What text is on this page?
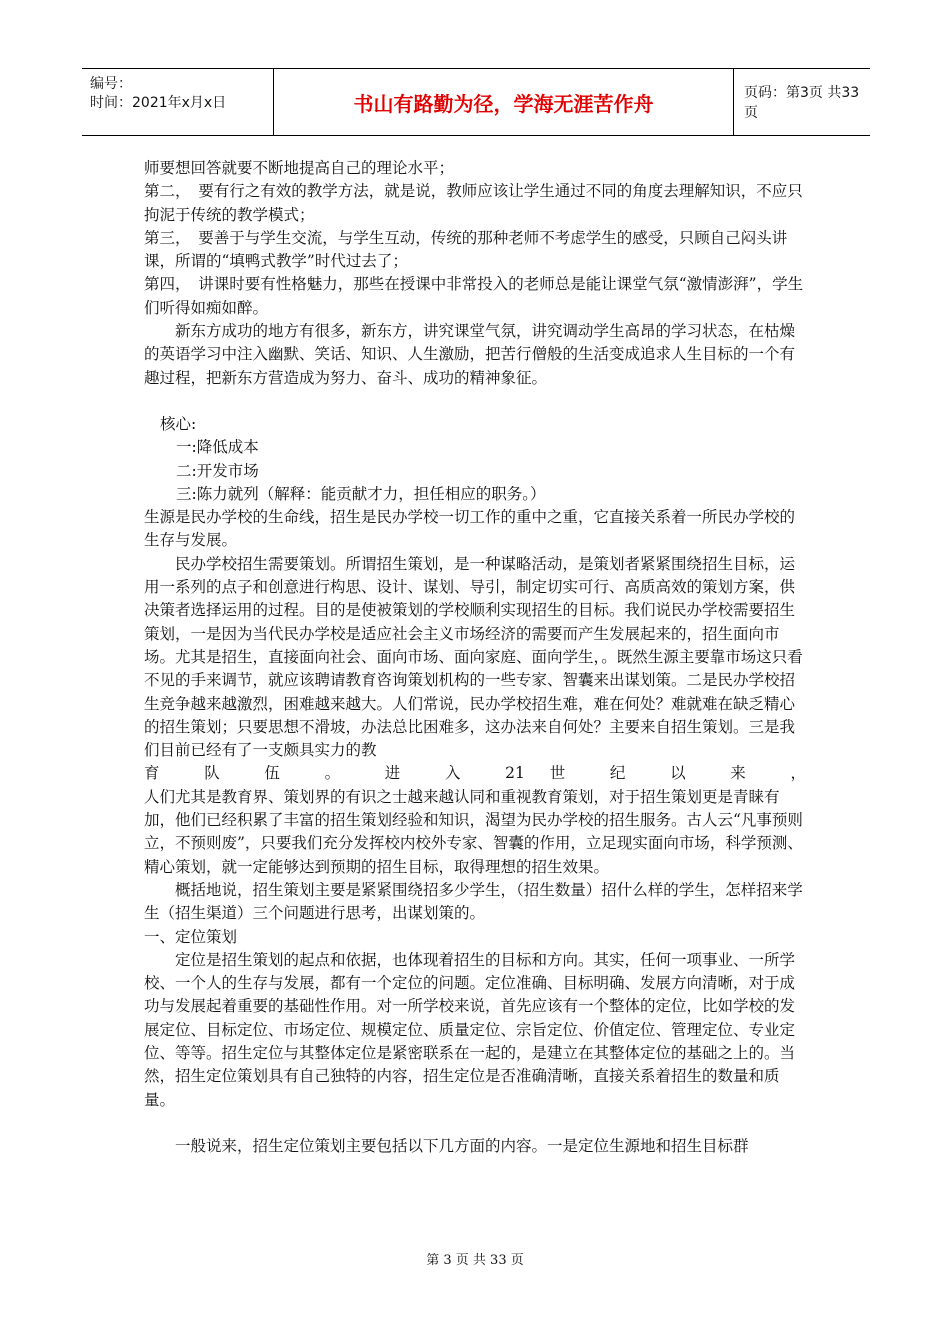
编号：
时间：2021年x月x日	书山有路勤为径，学海无涯苦作舟	页码：第3页 共33页

师要想回答就要不断地提高自己的理论水平；

第二，　要有行之有效的教学方法，就是说，教师应该让学生通过不同的角度去理解知识，不应只拘泥于传统的教学模式；

第三，　要善于与学生交流，与学生互动，传统的那种老师不考虑学生的感受，只顾自己闷头讲课，所谓的“填鸭式教学”时代过去了；

第四，　讲课时要有性格魅力，那些在授课中非常投入的老师总是能让课堂气氛“激情澎湃”，学生们听得如痴如醉。

新东方成功的地方有很多，新东方，讲究课堂气氛，讲究调动学生高昂的学习状态，在枯燥的英语学习中注入幽默、笑话、知识、人生激励，把苦行僧般的生活变成追求人生目标的一个有趣过程，把新东方营造成为努力、奋斗、成功的精神象征。

核心:

一:降低成本

二:开发市场

三:陈力就列（解释：能贡献才力，担任相应的职务。）

生源是民办学校的生命线，招生是民办学校一切工作的重中之重，它直接关系着一所民办学校的生存与发展。

民办学校招生需要策划。所谓招生策划，是一种谋略活动，是策划者紧紧围绕招生目标，运用一系列的点子和创意进行构思、设计、谋划、导引，制定切实可行、高质高效的策划方案，供决策者选择运用的过程。目的是使被策划的学校顺利实现招生的目标。我们说民办学校需要招生策划，一是因为当代民办学校是适应社会主义市场经济的需要而产生发展起来的，招生面向市场。尤其是招生，直接面向社会、面向市场、面向家庭、面向学生，。既然生源主要靠市场这只看不见的手来调节，就应该聘请教育咨询策划机构的一些专家、智囊来出谋划策。二是民办学校招生竞争越来越激烈，困难越来越大。人们常说，民办学校招生难，难在何处？难就难在缺乏精心的招生策划；只要思想不滑坡，办法总比困难多，这办法来自何处？主要来自招生策划。三是我们目前已经有了一支颇具实力的教

育 队 伍 。 进 入 21 世 纪 以 来 ，

人们尤其是教育界、策划界的有识之士越来越认同和重视教育策划，对于招生策划更是青睐有加，他们已经积累了丰富的招生策划经验和知识，渴望为民办学校的招生服务。古人云“凡事预则立，不预则废”，只要我们充分发挥校内校外专家、智囊的作用，立足现实面向市场，科学预测、精心策划，就一定能够达到预期的招生目标，取得理想的招生效果。

概括地说，招生策划主要是紧紧围绕招多少学生，（招生数量）招什么样的学生，怎样招来学生（招生渠道）三个问题进行思考，出谋划策的。

一、定位策划

定位是招生策划的起点和依据，也体现着招生的目标和方向。其实，任何一项事业、一所学校、一个人的生存与发展，都有一个定位的问题。定位准确、目标明确、发展方向清晰，对于成功与发展起着重要的基础性作用。对一所学校来说，首先应该有一个整体的定位，比如学校的发展定位、目标定位、市场定位、规模定位、质量定位、宗旨定位、价值定位、管理定位、专业定位、等等。招生定位与其整体定位是紧密联系在一起的，是建立在其整体定位的基础之上的。当然，招生定位策划具有自己独特的内容，招生定位是否准确清晰，直接关系着招生的数量和质量。

一般说来，招生定位策划主要包括以下几方面的内容。一是定位生源地和招生目标群

第 3 页 共 33 页
